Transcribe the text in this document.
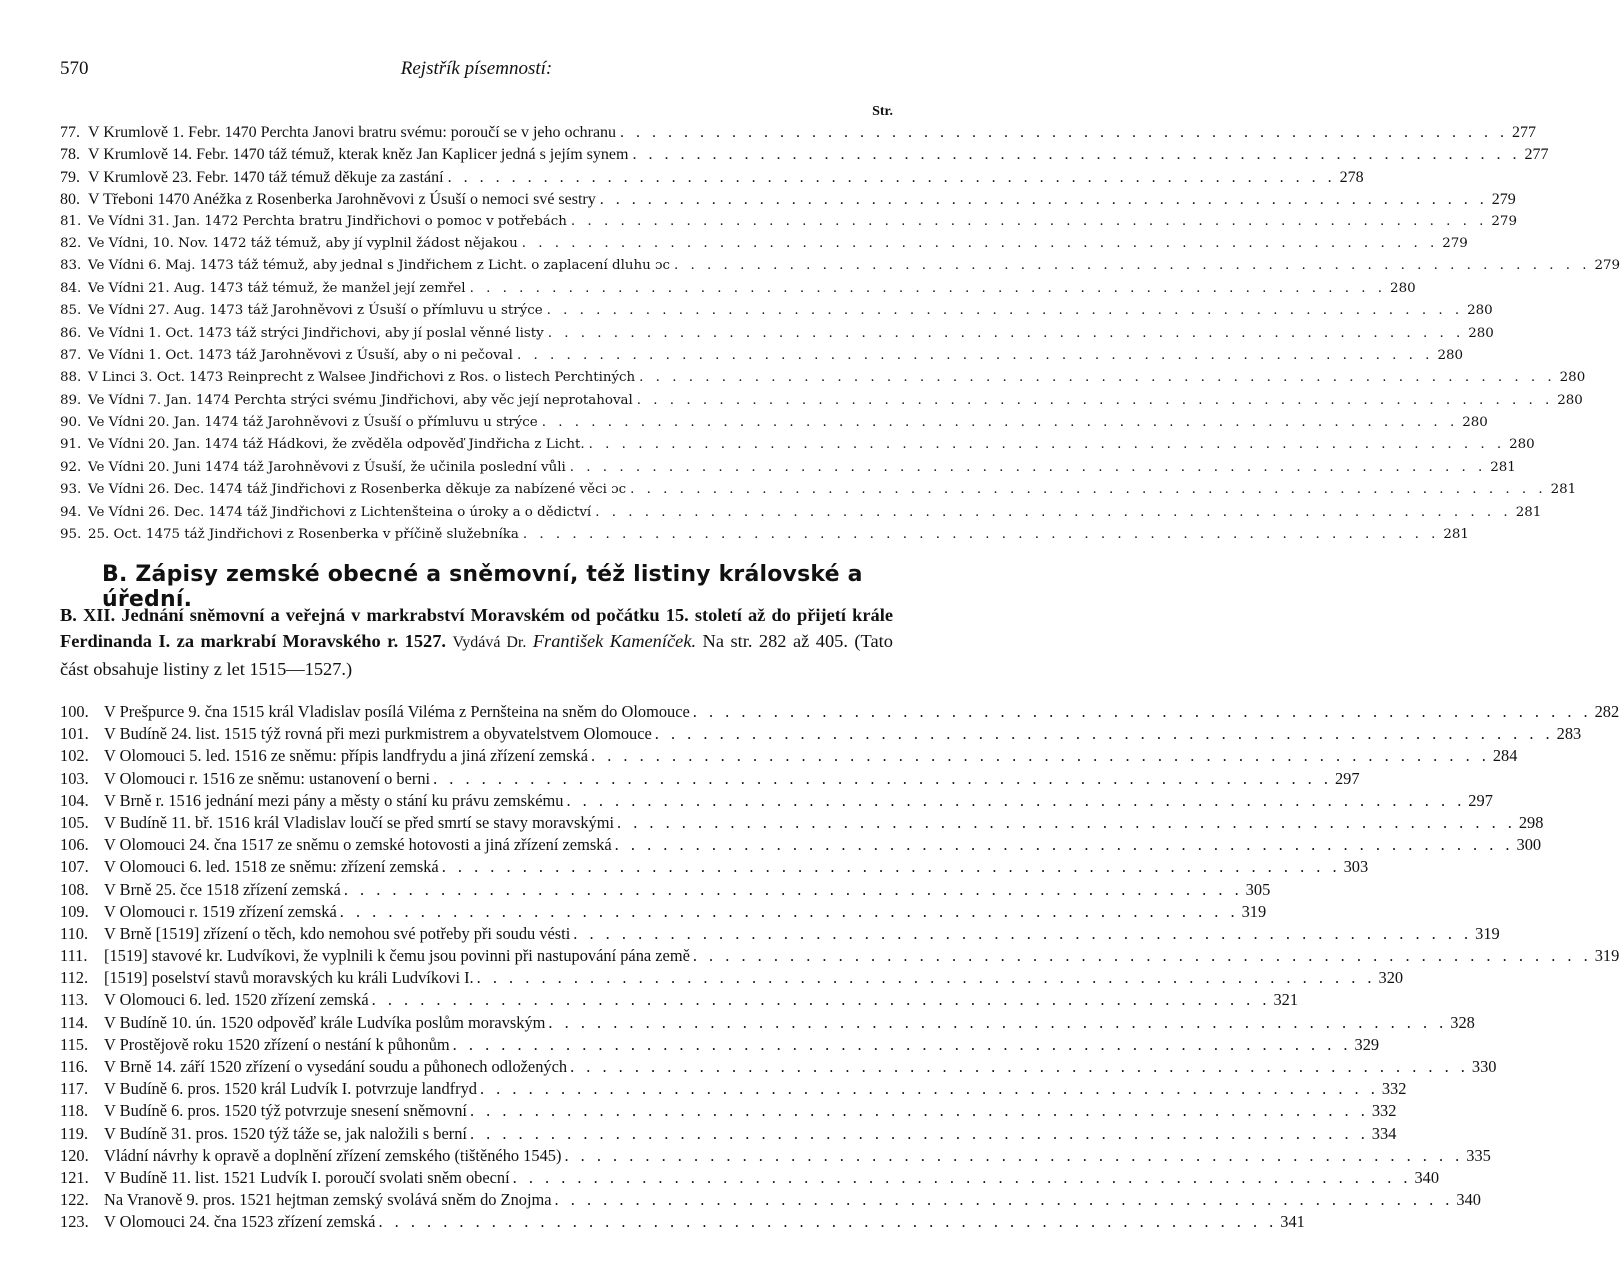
570	Rejstřík písemností:
Str.
77. V Krumlově 1. Febr. 1470 Perchta Janovi bratru svému: poroučí se v jeho ochranu . . . . . . . . . . . . . . . . . . . . . . . . . . . . . . . . . . . . . . . . . . . . . . . . . . . . . . . . 277
78. V Krumlově 14. Febr. 1470 táž témuž, kterak kněz Jan Kaplicer jedná s jejím synem . . . . . . . . . . . . . . . . . . . . . . . . . . . . . . . . . . . . . . . . . . . . . . . . . . . . . . . . 277
79. V Krumlově 23. Febr. 1470 táž témuž děkuje za zastání . . . . . . . . . . . . . . . . . . . . . . . . . . . . . . . . . . . . . . . . . . . . . . . . . . . . . . . . 278
80. V Třeboni 1470 Anéžka z Rosenberka Jarohněvovi z Úsuší o nemoci své sestry . . . . . . . . . . . . . . . . . . . . . . . . . . . . . . . . . . . . . . . . . . . . . . . . . . . . . . . . 279
81. Ve Vídni 31. Jan. 1472 Perchta bratru Jindřichovi o pomoc v potřebách . . . . . . . . . . . . . . . . . . . . . . . . . . . . . . . . . . . . . . . . . . . . . . . . . . . . . . . . 279
82. Ve Vídni, 10. Nov. 1472 táž témuž, aby jí vyplnil žádost nějakou . . . . . . . . . . . . . . . . . . . . . . . . . . . . . . . . . . . . . . . . . . . . . . . . . . . . . . . . 279
83. Ve Vídni 6. Maj. 1473 táž témuž, aby jednal s Jindřichem z Licht. o zaplacení dluhu ɔc . . . . . . . . . . . . . . . . . . . . . . . . . . . . . . . . . . . . . . . . . . . . . . . . . . . . . . . . 279
84. Ve Vídni 21. Aug. 1473 táž témuž, že manžel její zemřel . . . . . . . . . . . . . . . . . . . . . . . . . . . . . . . . . . . . . . . . . . . . . . . . . . . . . . . . 280
85. Ve Vídni 27. Aug. 1473 táž Jarohněvovi z Úsuší o přímluvu u strýce . . . . . . . . . . . . . . . . . . . . . . . . . . . . . . . . . . . . . . . . . . . . . . . . . . . . . . . . 280
86. Ve Vídni 1. Oct. 1473 táž strýci Jindřichovi, aby jí poslal věnné listy . . . . . . . . . . . . . . . . . . . . . . . . . . . . . . . . . . . . . . . . . . . . . . . . . . . . . . . . 280
87. Ve Vídni 1. Oct. 1473 táž Jarohněvovi z Úsuší, aby o ni pečoval . . . . . . . . . . . . . . . . . . . . . . . . . . . . . . . . . . . . . . . . . . . . . . . . . . . . . . . . 280
88. V Linci 3. Oct. 1473 Reinprecht z Walsee Jindřichovi z Ros. o listech Perchtiných . . . . . . . . . . . . . . . . . . . . . . . . . . . . . . . . . . . . . . . . . . . . . . . . . . . . . . . . 280
89. Ve Vídni 7. Jan. 1474 Perchta strýci svému Jindřichovi, aby věc její neprotahoval . . . . . . . . . . . . . . . . . . . . . . . . . . . . . . . . . . . . . . . . . . . . . . . . . . . . . . . . 280
90. Ve Vídni 20. Jan. 1474 táž Jarohněvovi z Úsuší o přímluvu u strýce . . . . . . . . . . . . . . . . . . . . . . . . . . . . . . . . . . . . . . . . . . . . . . . . . . . . . . . . 280
91. Ve Vídni 20. Jan. 1474 táž Hádkovi, že zvěděla odpověď Jindřicha z Licht. . . . . . . . . . . . . . . . . . . . . . . . . . . . . . . . . . . . . . . . . . . . . . . . . . . . . . . . . 280
92. Ve Vídni 20. Juni 1474 táž Jarohněvovi z Úsuší, že učinila poslední vůli . . . . . . . . . . . . . . . . . . . . . . . . . . . . . . . . . . . . . . . . . . . . . . . . . . . . . . . . 281
93. Ve Vídni 26. Dec. 1474 táž Jindřichovi z Rosenberka děkuje za nabízené věci ɔc . . . . . . . . . . . . . . . . . . . . . . . . . . . . . . . . . . . . . . . . . . . . . . . . . . . . . . . . 281
94. Ve Vídni 26. Dec. 1474 táž Jindřichovi z Lichtenšteina o úroky a o dědictví . . . . . . . . . . . . . . . . . . . . . . . . . . . . . . . . . . . . . . . . . . . . . . . . . . . . . . . . 281
95. 25. Oct. 1475 táž Jindřichovi z Rosenberka v příčině služebníka . . . . . . . . . . . . . . . . . . . . . . . . . . . . . . . . . . . . . . . . . . . . . . . . . . . . . . . . 281
B. Zápisy zemské obecné a sněmovní, též listiny královské a úřední.
B. XII. Jednání sněmovní a veřejná v markrabství Moravském od počátku 15. století až do přijetí krále Ferdinanda I. za markrabí Moravského r. 1527. Vydává Dr. František Kameníček. Na str. 282 až 405. (Tato část obsahuje listiny z let 1515—1527.)
100. V Prešpurce 9. čna 1515 král Vladislav posílá Viléma z Pernšteina na sněm do Olomouce . . . . . . . . . . . . . . . . . . . . . . . . . . . . . . . . . . . . . . . . . . . . . . . . . . . . . . . . 282
101. V Budíně 24. list. 1515 týž rovná při mezi purkmistrem a obyvatelstvem Olomouce . . . . . . . . . . . . . . . . . . . . . . . . . . . . . . . . . . . . . . . . . . . . . . . . . . . . . . . . 283
102. V Olomouci 5. led. 1516 ze sněmu: přípis landfrydu a jiná zřízení zemská . . . . . . . . . . . . . . . . . . . . . . . . . . . . . . . . . . . . . . . . . . . . . . . . . . . . . . . . 284
103. V Olomouci r. 1516 ze sněmu: ustanovení o berni . . . . . . . . . . . . . . . . . . . . . . . . . . . . . . . . . . . . . . . . . . . . . . . . . . . . . . . . 297
104. V Brně r. 1516 jednání mezi pány a městy o stání ku právu zemskému . . . . . . . . . . . . . . . . . . . . . . . . . . . . . . . . . . . . . . . . . . . . . . . . . . . . . . . . 297
105. V Budíně 11. bř. 1516 král Vladislav loučí se před smrtí se stavy moravskými . . . . . . . . . . . . . . . . . . . . . . . . . . . . . . . . . . . . . . . . . . . . . . . . . . . . . . . . 298
106. V Olomouci 24. čna 1517 ze sněmu o zemské hotovosti a jiná zřízení zemská . . . . . . . . . . . . . . . . . . . . . . . . . . . . . . . . . . . . . . . . . . . . . . . . . . . . . . . . 300
107. V Olomouci 6. led. 1518 ze sněmu: zřízení zemská . . . . . . . . . . . . . . . . . . . . . . . . . . . . . . . . . . . . . . . . . . . . . . . . . . . . . . . . 303
108. V Brně 25. čce 1518 zřízení zemská . . . . . . . . . . . . . . . . . . . . . . . . . . . . . . . . . . . . . . . . . . . . . . . . . . . . . . . . 305
109. V Olomouci r. 1519 zřízení zemská . . . . . . . . . . . . . . . . . . . . . . . . . . . . . . . . . . . . . . . . . . . . . . . . . . . . . . . . 319
110. V Brně [1519] zřízení o těch, kdo nemohou své potřeby při soudu vésti . . . . . . . . . . . . . . . . . . . . . . . . . . . . . . . . . . . . . . . . . . . . . . . . . . . . . . . . 319
111.	[1519] stavové kr. Ludvíkovi, že vyplnili k čemu jsou povinni při nastupování pána země . . . . . . . . . . . . . . . . . . . . . . . . . . . . . . . . . . . . . . . . . . . . . . . . . . . . . . . . 319
112. [1519] poselství stavů moravských ku králi Ludvíkovi I. . . . . . . . . . . . . . . . . . . . . . . . . . . . . . . . . . . . . . . . . . . . . . . . . . . . . . . . . 320
113. V Olomouci 6. led. 1520 zřízení zemská . . . . . . . . . . . . . . . . . . . . . . . . . . . . . . . . . . . . . . . . . . . . . . . . . . . . . . . . 321
114. V Budíně 10. ún. 1520 odpověď krále Ludvíka poslům moravským . . . . . . . . . . . . . . . . . . . . . . . . . . . . . . . . . . . . . . . . . . . . . . . . . . . . . . . . 328
115. V Prostějově roku 1520 zřízení o nestání k půhonům . . . . . . . . . . . . . . . . . . . . . . . . . . . . . . . . . . . . . . . . . . . . . . . . . . . . . . . . 329
116. V Brně 14. září 1520 zřízení o vysedání soudu a půhonech odložených . . . . . . . . . . . . . . . . . . . . . . . . . . . . . . . . . . . . . . . . . . . . . . . . . . . . . . . . 330
117. V Budíně 6. pros. 1520 král Ludvík I. potvrzuje landfryd . . . . . . . . . . . . . . . . . . . . . . . . . . . . . . . . . . . . . . . . . . . . . . . . . . . . . . . . 332
118. V Budíně 6. pros. 1520 týž potvrzuje snesení sněmovní . . . . . . . . . . . . . . . . . . . . . . . . . . . . . . . . . . . . . . . . . . . . . . . . . . . . . . . . 332
119. V Budíně 31. pros. 1520 týž táže se, jak naložili s berní . . . . . . . . . . . . . . . . . . . . . . . . . . . . . . . . . . . . . . . . . . . . . . . . . . . . . . . . 334
120. Vládní návrhy k opravě a doplnění zřízení zemského (tištěného 1545) . . . . . . . . . . . . . . . . . . . . . . . . . . . . . . . . . . . . . . . . . . . . . . . . . . . . . . . . 335
121. V Budíně 11. list. 1521 Ludvík I. poroučí svolati sněm obecní . . . . . . . . . . . . . . . . . . . . . . . . . . . . . . . . . . . . . . . . . . . . . . . . . . . . . . . . 340
122. Na Vranově 9. pros. 1521 hejtman zemský svolává sněm do Znojma . . . . . . . . . . . . . . . . . . . . . . . . . . . . . . . . . . . . . . . . . . . . . . . . . . . . . . . . 340
123. V Olomouci 24. čna 1523 zřízení zemská . . . . . . . . . . . . . . . . . . . . . . . . . . . . . . . . . . . . . . . . . . . . . . . . . . . . . . . . 341
